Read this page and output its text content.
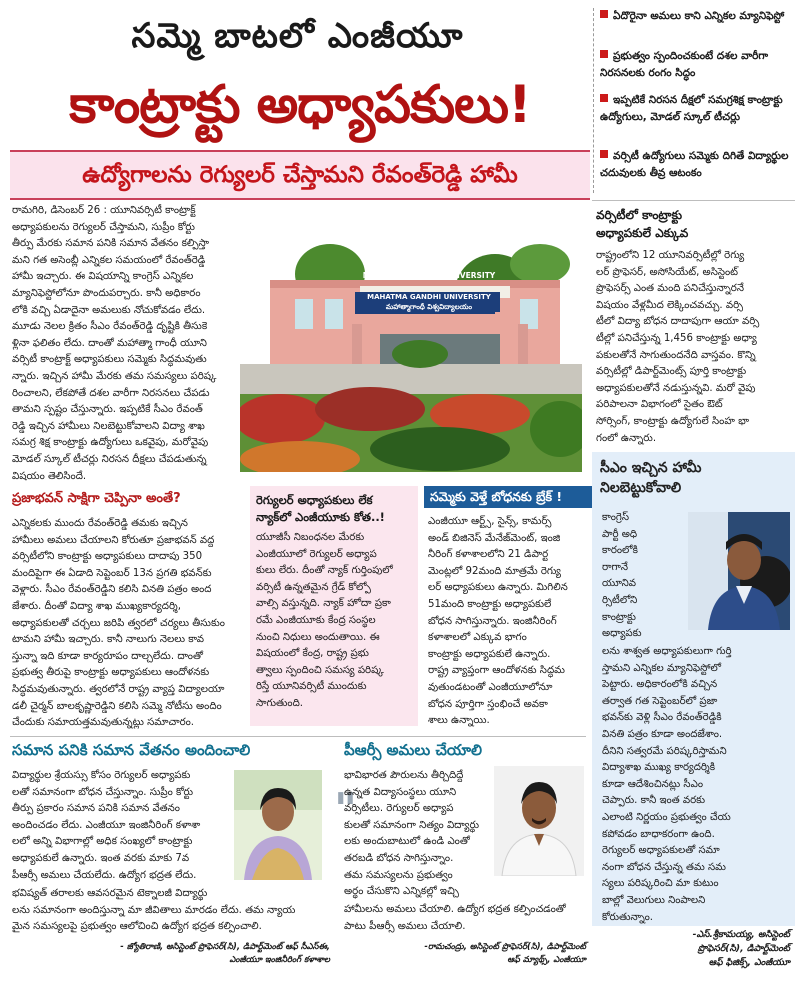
సమ్మె బాటలో ఎంజీయూ
కాంట్రాక్టు అధ్యాపకులు!
ఉద్యోగాలను రెగ్యులర్‌ చేస్తామని రేవంత్‌రెడ్డి హామీ
ఏదొరైనా అమలు కాని ఎన్నికల మ్యానిఫెస్టో
ప్రభుత్వం స్పందించకుంటే దశల వారీగా నిరసనలకు రంగం సిద్ధం
ఇప్పటికే నిరసన దీక్షలో సమగ్రశిక్ష కాంట్రాక్టు ఉద్యోగులు, మోడల్‌ స్కూల్‌ టీచర్లు
వర్సిటీ ఉద్యోగులు సమ్మెకు దిగితే విద్యార్థుల చదువులకు తీవ్ర ఆటంకం
రామగిరి, డిసెంబర్‌ 26 : యూనివర్సిటీ కాంట్రాక్ట్‌
అధ్యాపకులను రెగ్యులర్‌ చేస్తామని, సుప్రీం కోర్టు
తీర్పు మేరకు సమాన పనికి సమాన వేతనం కల్పిస్తా
మని గత అసెంబ్లీ ఎన్నికల సమయంలో రేవంత్‌రెడ్డి
హామీ ఇచ్చారు. ఈ విషయాన్ని కాంగ్రెస్‌ ఎన్నికల
మ్యానిఫెస్టోలోనూ పొందుపర్చారు. కానీ అధికారం
లోకి వచ్చి ఏడాదైనా అమలుకు నోచుకోవడం లేదు.
మూడు నెలల క్రితం సీఎం రేవంత్‌రెడ్డి దృష్టికి తీసుకె
ళ్లినా ఫలితం లేదు. దాంతో మహాత్మా గాంధీ యూని
వర్సిటీ కాంట్రాక్ట్‌ అధ్యాపకులు సమ్మెకు సిద్ధమవుతు
న్నారు. ఇచ్చిన హామీ మేరకు తమ సమస్యలు పరిష్క
రించాలని, లేకపోతే దశల వారీగా నిరసనలు చేపడు
తామని స్పష్టం చేస్తున్నారు. ఇప్పటికే సీఎం రేవంత్‌
రెడ్డి ఇచ్చిన హామీలు నిలబెట్టుకోవాలని విద్యా శాఖ
సమగ్ర శిక్ష కాంట్రాక్టు ఉద్యోగులు ఒకవైపు, మరోవైపు
మోడల్‌ స్కూల్‌ టీచర్లు నిరసన దీక్షలు చేపడుతున్న
విషయం తెలిసిందే.
MAHATMA GANDHI UNIVERSITY
MAHATMA GANDHI UNIVERSITY
మహాత్మాగాంధీ విశ్వవిద్యాలయం
వర్సిటీలో కాంట్రాక్టు
అధ్యాపకులే ఎక్కువ
రాష్ట్రంలోని 12 యూనివర్సిటీల్లో రెగ్యు
లర్‌ ప్రొఫెసర్‌, అసోసియేట్‌, అసిస్టెంట్‌
ప్రొఫెసర్స్‌ ఎంత మంది పనిచేస్తున్నారనే
విషయం వేళ్లమీద లెక్కించవచ్చు. వర్సి
టీలో విద్యా బోధన దాదాపుగా ఆయా వర్సి
టీల్లో పనిచేస్తున్న 1,456 కాంట్రాక్టు అధ్యా
పకులతోనే సాగుతుందనేది వాస్తవం. కొన్ని
వర్సిటీల్లో డిపార్ట్‌మెంట్స్‌ పూర్తి కాంట్రాక్టు
అధ్యాపకులతోనే నడుస్తున్నవి. మరో వైపు
పరిపాలనా విభాగంలో సైతం ఔట్‌
సోర్సింగ్‌, కాంట్రాక్టు ఉద్యోగులే సింహ భా
గంలో ఉన్నారు.
ప్రజాభవన్‌ సాక్షిగా చెప్పినా అంతే?
ఎన్నికలకు ముందు రేవంత్‌రెడ్డి తమకు ఇచ్చిన
హామీలు అమలు చేయాలని కోరుతూ ప్రజాభవన్‌ వద్ద
వర్సిటీలోని కాంట్రాక్టు అధ్యాపకులు దాదాపు 350
మందిపైగా ఈ ఏడాది సెప్టెంబర్‌ 13న ప్రగతి భవన్‌కు
వెళ్లారు. సీఎం రేవంత్‌రెడ్డిని కలిసి వినతి పత్రం అంద
జేశారు. దీంతో విద్యా శాఖ ముఖ్యకార్యదర్శి,
అధ్యాపకులతో చర్చలు జరిపి త్వరలో చర్యలు తీసుకుం
టామని హామీ ఇచ్చారు. కానీ నాలుగు నెలలు కావ
స్తున్నా ఇది కూడా కార్యరూపం దాల్చలేదు. దాంతో
ప్రభుత్వ తీరుపై కాంట్రాక్టు అధ్యాపకులు ఆందోళనకు
సిద్ధమవుతున్నారు. త్వరలోనే రాష్ట్ర వ్యాప్త విద్యాలయా
డలీ చైర్మన్‌ బాలకృష్ణారెడ్డిని కలిసి సమ్మె నోటీసు అందిం
చేందుకు సమాయత్తమవుతున్నట్లు సమాచారం.
రెగ్యులర్‌ అధ్యాపకులు లేక
న్యాక్‌లో ఎంజీయూకు కోత..!
యూజీసీ నిబంధనల మేరకు
ఎంజీయూలో రెగ్యులర్‌ అధ్యాప
కులు లేరు. దీంతో న్యాక్‌ గుర్తింపులో
వర్సిటీ ఉన్నతమైన గ్రేడ్‌ కోల్పో
వాల్సి వస్తున్నది. న్యాక్‌ హోదా ప్రకా
రమే ఎంజీయూకు కేంద్ర సంస్థల
నుంచి నిధులు అందుతాయి. ఈ
విషయంలో కేంద్ర, రాష్ట్ర ప్రభు
త్వాలు స్పందించి సమస్య పరిష్క
రిస్తే యూనివర్సిటీ ముందుకు
సాగుతుంది.
సమ్మెకు వెళ్తే బోధనకు బ్రేక్‌ !
ఎంజీయూ ఆర్ట్స్‌, సైన్స్‌, కామర్స్‌
అండ్‌ బిజినెస్‌ మేనేజ్‌మెంట్‌, ఇంజి
నీరింగ్‌ కళాశాలలోని 21 డిపార్ట
మెంట్లలో 92మంది మాత్రమే రెగ్యు
లర్‌ అధ్యాపకులు ఉన్నారు. మిగిలిన
51మంది కాంట్రాక్టు అధ్యాపకులే
బోధన సాగిస్తున్నారు. ఇంజినీరింగ్‌
కళాశాలలో ఎక్కువ భాగం
కాంట్రాక్టు అధ్యాపకులే ఉన్నారు.
రాష్ట్ర వ్యాప్తంగా ఆందోళనకు సిద్ధమ
వుతుండటంతో ఎంజీయూలోనూ
బోధన పూర్తిగా స్తంభించే అవకా
శాలు ఉన్నాయి.
సీఎం ఇచ్చిన హామీ
నిలబెట్టుకోవాలి
కాంగ్రెస్‌
పార్టీ అధి
కారంలోకి
రాగానే
యూనివ
ర్సిటీలోని
కాంట్రాక్టు
అధ్యాపకు
లను శాశ్వత అధ్యాపకులుగా గుర్తి
స్తామని ఎన్నికల మ్యానిఫెస్టోలో
పెట్టారు. అధికారంలోకి వచ్చిన
తర్వాత గత సెప్టెంబర్‌లో ప్రజా
భవన్‌కు వెళ్లి సీఎం రేవంత్‌రెడ్డికి
వినతి పత్రం కూడా అందజేశాం.
దీనిని సత్వరమే పరిష్కరిస్తామని
విద్యాశాఖ ముఖ్య కార్యదర్శికి
కూడా ఆదేశించినట్లు సీఎం
చెప్పారు. కానీ ఇంత వరకు
ఎలాంటి నిర్ణయం ప్రభుత్వం చేయ
కపోవడం బాధాకరంగా ఉంది.
రెగ్యులర్‌ అధ్యాపకులతో సమా
నంగా బోధన చేస్తున్న తమ సమ
స్యలు పరిష్కరించి మా కుటుం
బాల్లో వెలుగులు నింపాలని
కోరుతున్నాం.
-ఎస్‌.శ్రీకామయ్య, అసిస్టెంట్‌
ప్రొఫెసర్‌(సి), డిపార్ట్‌మెంట్‌
ఆఫ్‌ ఫిజిక్స్‌, ఎంజీయూ
సమాన పనికి సమాన వేతనం అందించాలి
విద్యార్థుల శ్రేయస్సు కోసం రెగ్యులర్‌ అధ్యాపకు
లతో సమానంగా బోధన చేస్తున్నాం. సుప్రీం కోర్టు
తీర్పు ప్రకారం సమాన పనికి సమాన వేతనం
అందించడం లేదు. ఎంజీయూ ఇంజినీరింగ్‌ కళాశా
లలో అన్ని విభాగాల్లో అధిక సంఖ్యలో కాంట్రాక్టు
అధ్యాపకులే ఉన్నారు. ఇంత వరకు మాకు 7వ
పీఆర్సీ అమలు చేయలేదు. ఉద్యోగ భద్రత లేదు.
భవిష్యత్‌ తరాలకు ఆవసరమైన టెక్నాలజీ విద్యార్థు
లను సమానంగా అందిస్తున్నా మా జీవితాలు మారడం లేదు. తమ న్యాయ
మైన సమస్యలపై ప్రభుత్వం ఆలోచించి ఉద్యోగ భద్రత కల్పించాలి.
- జ్యోతిరాణి, అసిస్టెంట్‌ ప్రొఫెసర్‌(సి), డిపార్ట్‌మెంట్‌ ఆఫ్‌ సీఎస్‌ఈ,
ఎంజీయూ ఇంజినీరింగ్‌ కళాశాల
"
పీఆర్సీ అమలు చేయాలి
భావిభారత పౌరులను తీర్చిదిద్దే
ఉన్నత విద్యాసంస్థలు యూని
వర్సిటీలు. రెగ్యులర్‌ అధ్యాప
కులతో సమానంగా నిత్యం విద్యార్థు
లకు అందుబాటులో ఉండి ఎంతో
తరబడి బోధన సాగిస్తున్నాం.
తమ సమస్యలను ప్రభుత్వం
అర్థం చేసుకొని ఎన్నికల్లో ఇచ్చి
హామీలను అమలు చేయాలి. ఉద్యోగ భద్రత కల్పించడంతో
పాటు పీఆర్సీ అమలు చేయాలి.
-రామచంద్రు, అసిస్టెంట్‌ ప్రొఫెసర్‌(సి), డిపార్ట్‌మెంట్‌
ఆఫ్‌ మ్యాథ్స్‌, ఎంజీయూ
